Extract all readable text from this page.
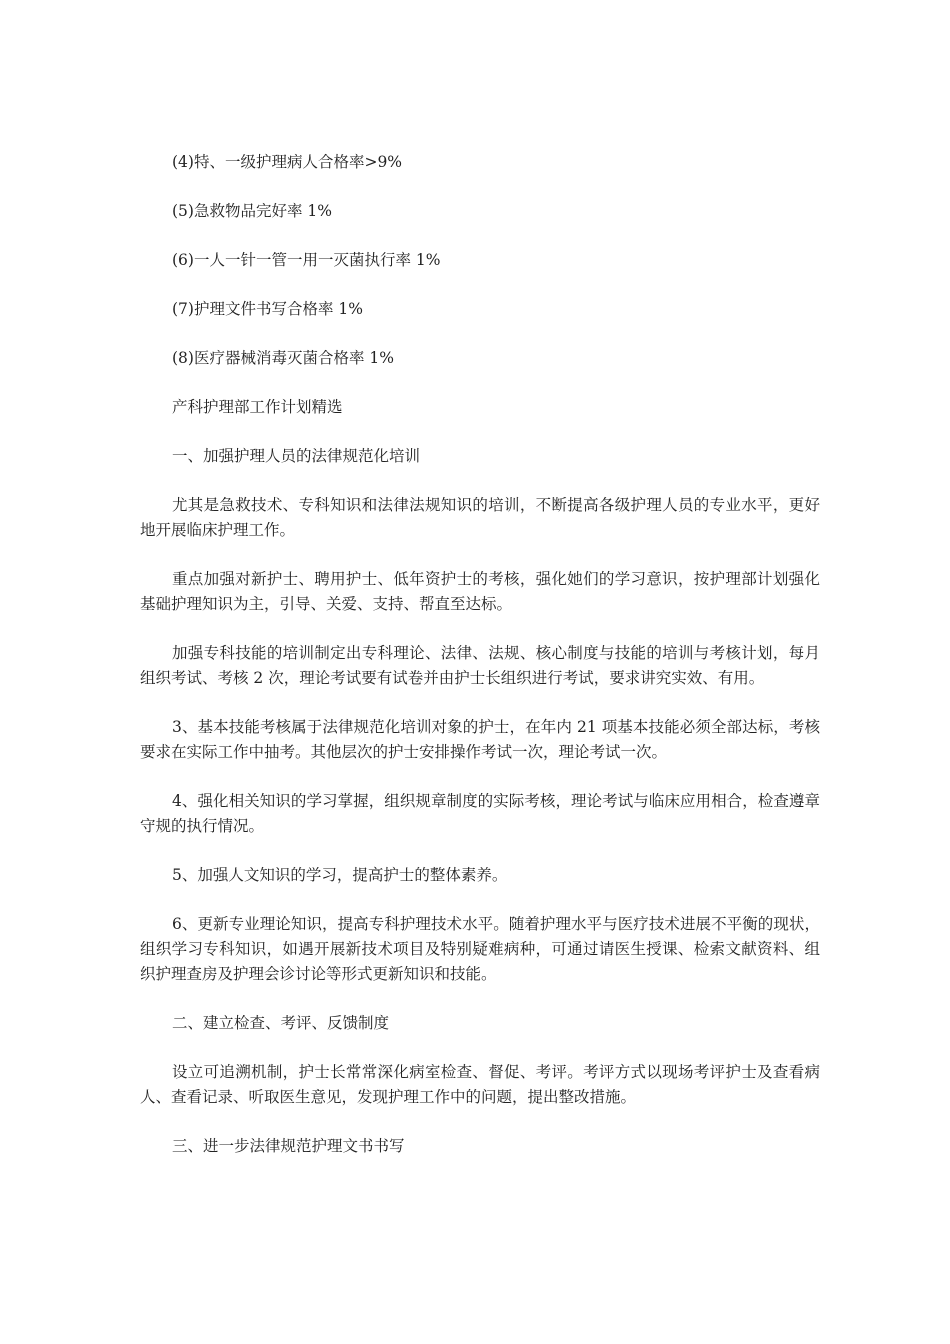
(4)特、一级护理病人合格率>9%

(5)急救物品完好率 1%

(6)一人一针一管一用一灭菌执行率 1%

(7)护理文件书写合格率 1%

(8)医疗器械消毒灭菌合格率 1%

产科护理部工作计划精选

一、加强护理人员的法律规范化培训

尤其是急救技术、专科知识和法律法规知识的培训，不断提高各级护理人员的专业水平，更好地开展临床护理工作。

重点加强对新护士、聘用护士、低年资护士的考核，强化她们的学习意识，按护理部计划强化基础护理知识为主，引导、关爱、支持、帮直至达标。

加强专科技能的培训制定出专科理论、法律、法规、核心制度与技能的培训与考核计划，每月组织考试、考核 2 次，理论考试要有试卷并由护士长组织进行考试，要求讲究实效、有用。

3、基本技能考核属于法律规范化培训对象的护士，在年内 21 项基本技能必须全部达标，考核要求在实际工作中抽考。其他层次的护士安排操作考试一次，理论考试一次。

4、强化相关知识的学习掌握，组织规章制度的实际考核，理论考试与临床应用相合，检查遵章守规的执行情况。

5、加强人文知识的学习，提高护士的整体素养。

6、更新专业理论知识，提高专科护理技术水平。随着护理水平与医疗技术进展不平衡的现状，组织学习专科知识，如遇开展新技术项目及特别疑难病种，可通过请医生授课、检索文献资料、组织护理查房及护理会诊讨论等形式更新知识和技能。

二、建立检查、考评、反馈制度

设立可追溯机制，护士长常常深化病室检查、督促、考评。考评方式以现场考评护士及查看病人、查看记录、听取医生意见，发现护理工作中的问题，提出整改措施。

三、进一步法律规范护理文书书写
